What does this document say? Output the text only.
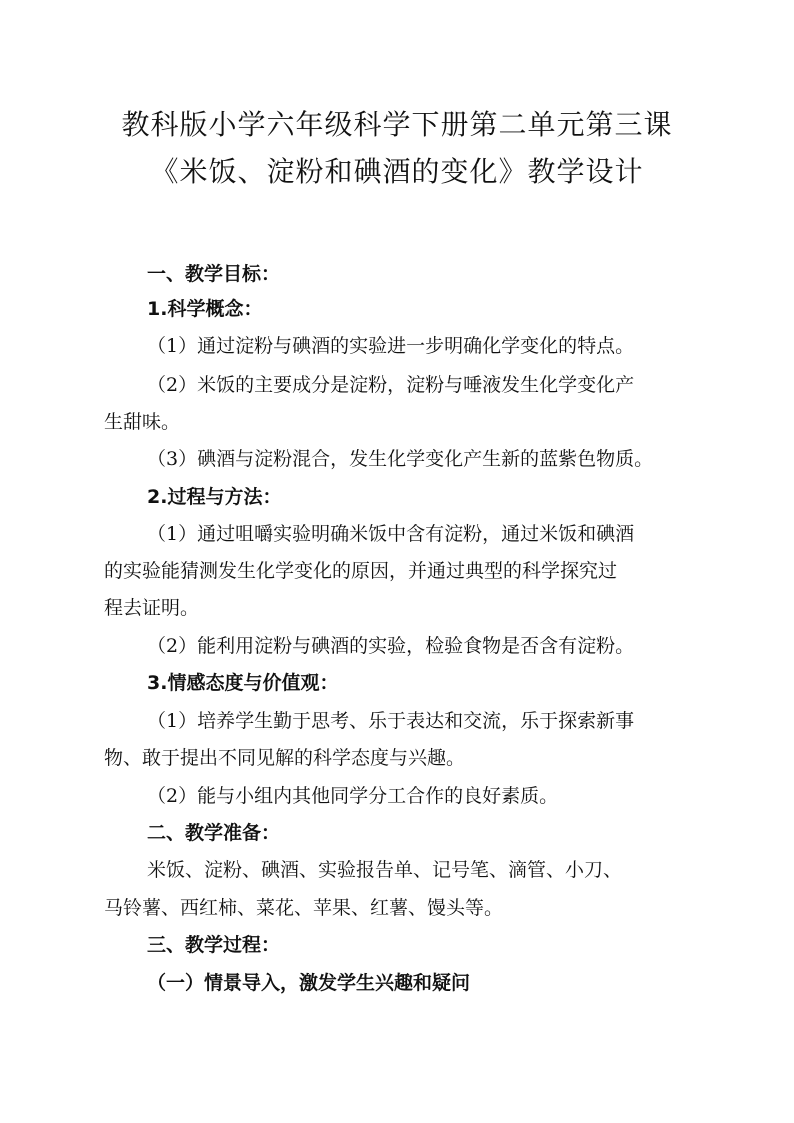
教科版小学六年级科学下册第二单元第三课
《米饭、淀粉和碘酒的变化》教学设计

一、教学目标：

1.科学概念：

（1）通过淀粉与碘酒的实验进一步明确化学变化的特点。

（2）米饭的主要成分是淀粉，淀粉与唾液发生化学变化产

生甜味。

（3）碘酒与淀粉混合，发生化学变化产生新的蓝紫色物质。

2.过程与方法：

（1）通过咀嚼实验明确米饭中含有淀粉，通过米饭和碘酒

的实验能猜测发生化学变化的原因，并通过典型的科学探究过

程去证明。

（2）能利用淀粉与碘酒的实验，检验食物是否含有淀粉。

3.情感态度与价值观：

（1）培养学生勤于思考、乐于表达和交流，乐于探索新事

物、敢于提出不同见解的科学态度与兴趣。

（2）能与小组内其他同学分工合作的良好素质。

二、教学准备：

米饭、淀粉、碘酒、实验报告单、记号笔、滴管、小刀、

马铃薯、西红柿、菜花、苹果、红薯、馒头等。

三、教学过程：

（一）情景导入，激发学生兴趣和疑问
